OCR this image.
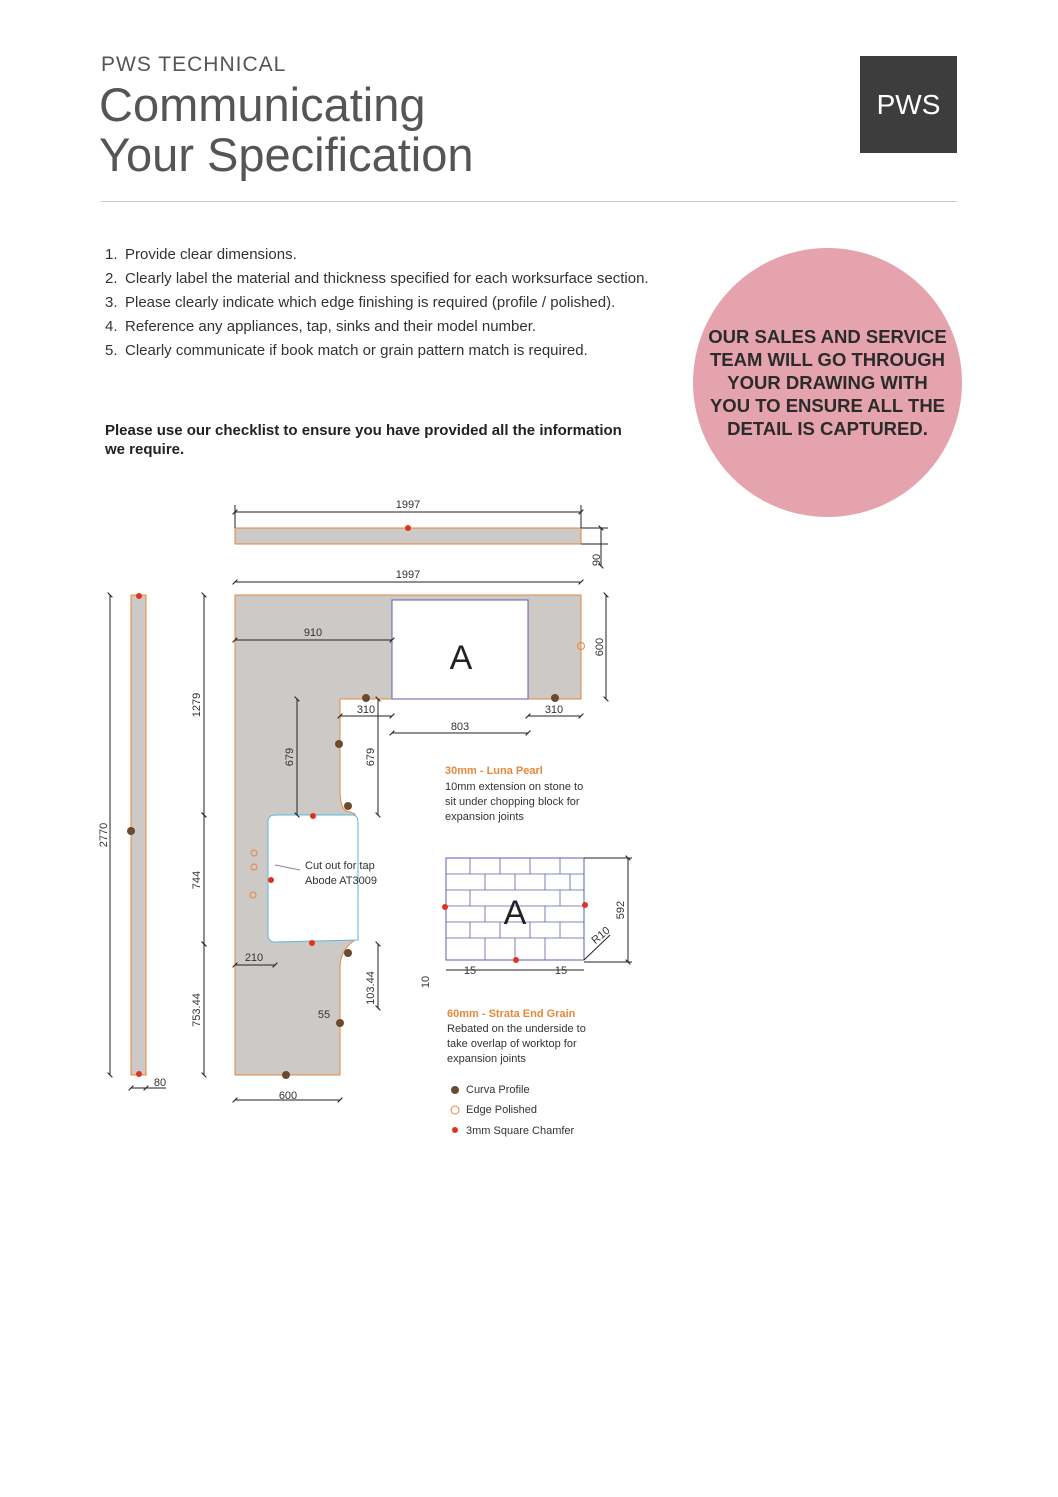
PWS TECHNICAL
Communicating
Your Specification
PWS
1. Provide clear dimensions.
2. Clearly label the material and thickness specified for each worksurface section.
3. Please clearly indicate which edge finishing is required (profile / polished).
4. Reference any appliances, tap, sinks and their model number.
5. Clearly communicate if book match or grain pattern match is required.
Please use our checklist to ensure you have provided all the information we require.
OUR SALES AND SERVICE TEAM WILL GO THROUGH YOUR DRAWING WITH YOU TO ENSURE ALL THE DETAIL IS CAPTURED.
1997
90
1997
910
600
1279
2770
679	679
310	310
803
744
210
753.44
103.44
55
80
600
592
R10
15	15
10
A
A
Cut out for tap
Abode AT3009
30mm - Luna Pearl
10mm extension on stone to
sit under chopping block for
expansion joints
60mm - Strata End Grain
Rebated on the underside to
take overlap of worktop for
expansion joints
Curva Profile
Edge Polished
3mm Square Chamfer
